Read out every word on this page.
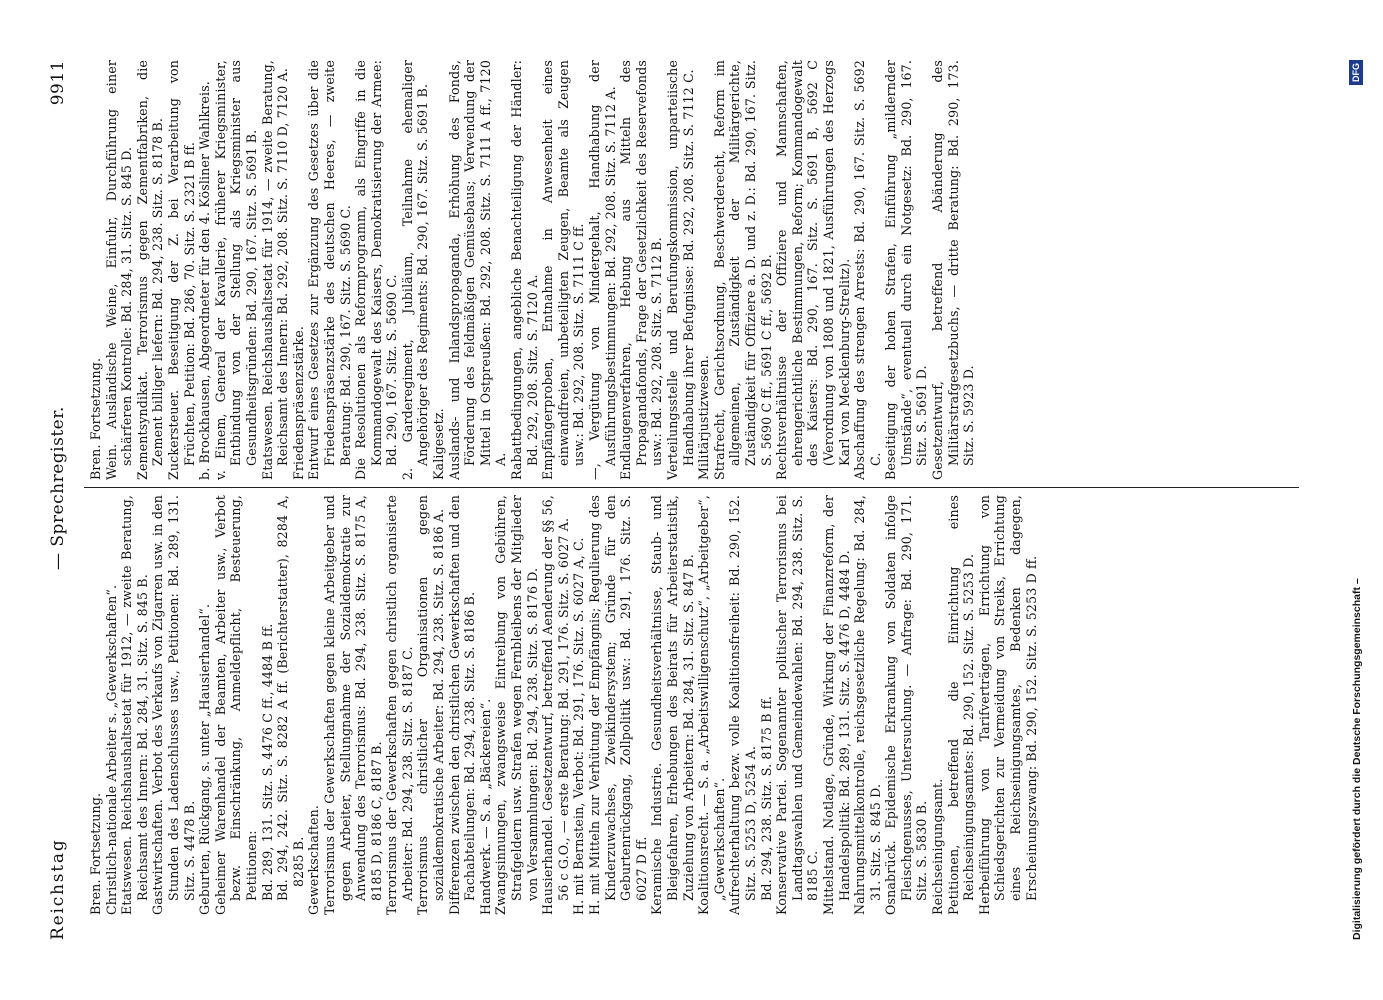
Reichstag
— Sprechregister.
9911

Bren. Fortsetzung. Christlich-nationale Arbeiter s. „Gewerkschaften“. Etatswesen. Reichshaushaltsetat für 1912, — zweite Beratung, Reichsamt des Innern: Bd. 284, 31. Sitz. S. 845 B. Gastwirtschaften. Verbot des Verkaufs von Zigarren usw. in den Stunden des Ladenschlusses usw., Petitionen: Bd. 289, 131. Sitz. S. 4478 B. Geburten, Rückgang, s. unter „Hausierhandel“. Geheimer Warenhandel der Beamten, Arbeiter usw., Verbot bezw. Einschränkung, Anmeldepflicht, Besteuerung, Petitionen: Bd. 289, 131. Sitz. S. 4476 C ff., 4484 B ff. Bd. 294, 242. Sitz. S. 8282 A ff. (Berichterstatter), 8284 A, 8285 B. Gewerkschaften. Terrorismus der Gewerkschaften gegen kleine Arbeitgeber und gegen Arbeiter, Stellungnahme der Sozialdemokratie zur Anwendung des Terrorismus: Bd. 294, 238. Sitz. S. 8175 A, 8185 D, 8186 C, 8187 B. Terrorismus der Gewerkschaften gegen christlich organisierte Arbeiter: Bd. 294, 238. Sitz. S. 8187 C. Terrorismus christlicher Organisationen gegen sozialdemokratische Arbeiter: Bd. 294, 238. Sitz. S. 8186 A. Differenzen zwischen den christlichen Gewerkschaften und den Fachabteilungen: Bd. 294, 238. Sitz. S. 8186 B. Handwerk. — S. a. „Bäckereien“. Zwangsinnungen, zwangsweise Eintreibung von Gebühren, Strafgeldern usw. Strafen wegen Fernbleibens der Mitglieder von Versammlungen: Bd. 294, 238. Sitz. S. 8176 D. Hausierhandel. Gesetzentwurf, betreffend Aenderung der §§ 56, 56 c G.O., — erste Beratung: Bd. 291, 176. Sitz. S. 6027 A. H. mit Bernstein, Verbot: Bd. 291, 176. Sitz. S. 6027 A, C. H. mit Mitteln zur Verhütung der Empfängnis; Regulierung des Kinderzuwachses, Zweikindersystem; Gründe für den Geburtenrückgang, Zollpolitik usw.: Bd. 291, 176. Sitz. S. 6027 D ff. Keramische Industrie. Gesundheitsverhältnisse, Staub- und Bleigefahren, Erhebungen des Beirats für Arbeiterstatistik, Zuziehung von Arbeitern: Bd. 284, 31. Sitz. S. 847 B. Koalitionsrecht. — S. a. „Arbeitswilligenschutz“, „Arbeitgeber“, „Gewerkschaften“. Aufrechterhaltung bezw. volle Koalitionsfreiheit: Bd. 290, 152. Sitz. S. 5253 D, 5254 A. Bd. 294, 238. Sitz. S. 8175 B ff. Konservative Partei. Sogenannter politischer Terrorismus bei Landtagswahlen und Gemeindewahlen: Bd. 294, 238. Sitz. S. 8185 C. Mittelstand. Notlage, Gründe, Wirkung der Finanzreform, der Handelspolitik: Bd. 289, 131. Sitz. S. 4476 D, 4484 D. Nahrungsmittelkontrolle, reichsgesetzliche Regelung: Bd. 284, 31. Sitz. S. 845 D. Osnabrück. Epidemische Erkrankung von Soldaten infolge Fleischgenusses, Untersuchung. — Anfrage: Bd. 290, 171. Sitz. S. 5830 B. Reichseinigungsamt. Petitionen, betreffend die Einrichtung eines Reichseinigungsamtes: Bd. 290, 152. Sitz. S. 5253 D. Herbeiführung von Tarifverträgen, Errichtung von Schiedsgerichten zur Vermeidung von Streiks, Errichtung eines Reichseinigungsamtes, Bedenken dagegen, Erscheinungszwang: Bd. 290, 152. Sitz. S. 5253 D ff.

Bren. Fortsetzung. Wein. Ausländische Weine, Einfuhr, Durchführung einer schärferen Kontrolle: Bd. 284, 31. Sitz. S. 845 D. Zementsyndikat. Terrorismus gegen Zementfabriken, die Zement billiger liefern: Bd. 294, 238. Sitz. S. 8178 B. Zuckersteuer. Beseitigung der Z. bei Verarbeitung von Früchten, Petition: Bd. 286, 70. Sitz. S. 2321 B ff. b. Brockhausen, Abgeordneter für den 4. Kösliner Wahlkreis. v. Einem, General der Kavallerie, früherer Kriegsminister, Entbindung von der Stellung als Kriegsminister aus Gesundheitsgründen: Bd. 290, 167. Sitz. S. 5691 B. Etatswesen. Reichshaushaltsetat für 1914, — zweite Beratung, Reichsamt des Innern: Bd. 292, 208. Sitz. S. 7110 D, 7120 A. Friedenspräsenzstärke. Entwurf eines Gesetzes zur Ergänzung des Gesetzes über die Friedenspräsenzstärke des deutschen Heeres, — zweite Beratung: Bd. 290, 167. Sitz. S. 5690 C. Die Resolutionen als Reformprogramm, als Eingriffe in die Kommandogewalt des Kaisers, Demokratisierung der Armee: Bd. 290, 167. Sitz. S. 5690 C. 2. Garderegiment, Jubiläum, Teilnahme ehemaliger Angehöriger des Regiments: Bd. 290, 167. Sitz. S. 5691 B. Kaligesetz. Auslands- und Inlandspropaganda, Erhöhung des Fonds, Förderung des feldmäßigen Gemüsebaus; Verwendung der Mittel in Ostpreußen: Bd. 292, 208. Sitz. S. 7111 A ff., 7120 A. Rabattbedingungen, angebliche Benachteiligung der Händler: Bd. 292, 208. Sitz. S. 7120 A. Empfängerproben, Entnahme in Anwesenheit eines einwandfreien, unbeteiligten Zeugen, Beamte als Zeugen usw.: Bd. 292, 208. Sitz. S. 7111 C ff. —, Vergütung von Mindergehalt, Handhabung der Ausführungsbestimmungen: Bd. 292, 208. Sitz. S. 7112 A. Endlaugenverfahren, Hebung aus Mitteln des Propagandafonds, Frage der Gesetzlichkeit des Reservefonds usw.: Bd. 292, 208. Sitz. S. 7112 B. Verteilungsstelle und Berufungskommission, unparteiische Handhabung ihrer Befugnisse: Bd. 292, 208. Sitz. S. 7112 C. Militärjustizwesen. Strafrecht, Gerichtsordnung, Beschwerderecht, Reform im allgemeinen, Zuständigkeit der Militärgerichte, Zuständigkeit für Offiziere a. D. und z. D.: Bd. 290, 167. Sitz. S. 5690 C ff., 5691 C ff., 5692 B. Rechtsverhältnisse der Offiziere und Mannschaften, ehrengerichtliche Bestimmungen, Reform; Kommandogewalt des Kaisers: Bd. 290, 167. Sitz. S. 5691 B, 5692 C (Verordnung von 1808 und 1821, Ausführungen des Herzogs Karl von Mecklenburg-Strelitz). Abschaffung des strengen Arrests: Bd. 290, 167. Sitz. S. 5692 C. Beseitigung der hohen Strafen, Einführung „mildernder Umstände“, eventuell durch ein Notgesetz: Bd. 290, 167. Sitz. S. 5691 D. Gesetzentwurf, betreffend Abänderung des Militärstrafgesetzbuchs, — dritte Beratung: Bd. 290, 173. Sitz. S. 5923 D.

Digitalisierung gefördert durch die Deutsche Forschungsgemeinschaft –
DFG
